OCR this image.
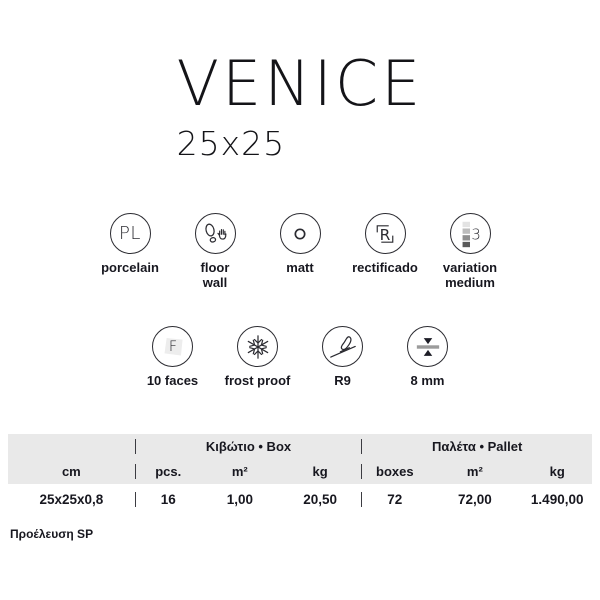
VENICE
25x25
PL
porcelain	floor
wall
matt
R
rectificado
3
variation
medium
F
10 faces	frost proof	R9	8 mm
Κιβώτιο • Box	Παλέτα • Pallet
cm	pcs.	m²	kg	boxes	m²	kg
25x25x0,8	16	1,00	20,50	72	72,00	1.490,00
Προέλευση SP
